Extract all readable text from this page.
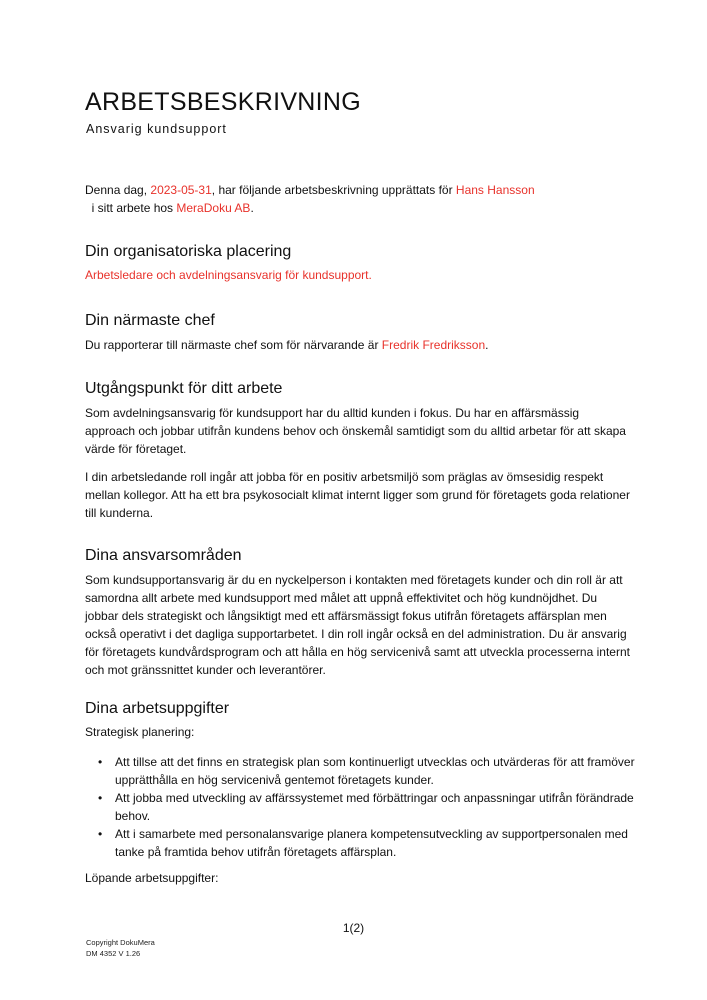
ARBETSBESKRIVNING
Ansvarig kundsupport
Denna dag, 2023-05-31, har följande arbetsbeskrivning upprättats för Hans Hansson  i sitt arbete hos MeraDoku AB.
Din organisatoriska placering
Arbetsledare och avdelningsansvarig för kundsupport.
Din närmaste chef
Du rapporterar till närmaste chef som för närvarande är Fredrik Fredriksson.
Utgångspunkt för ditt arbete
Som avdelningsansvarig för kundsupport har du alltid kunden i fokus. Du har en affärsmässig approach och jobbar utifrån kundens behov och önskemål samtidigt som du alltid arbetar för att skapa värde för företaget.
I din arbetsledande roll ingår att jobba för en positiv arbetsmiljö som präglas av ömsesidig respekt mellan kollegor. Att ha ett bra psykosocialt klimat internt ligger som grund för företagets goda relationer till kunderna.
Dina ansvarsområden
Som kundsupportansvarig är du en nyckelperson i kontakten med företagets kunder och din roll är att samordna allt arbete med kundsupport med målet att uppnå effektivitet och hög kundnöjdhet. Du jobbar dels strategiskt och långsiktigt med ett affärsmässigt fokus utifrån företagets affärsplan men också operativt i det dagliga supportarbetet. I din roll ingår också en del administration. Du är ansvarig för företagets kundvårdsprogram och att hålla en hög servicenivå samt att utveckla processerna internt och mot gränssnittet kunder och leverantörer.
Dina arbetsuppgifter
Strategisk planering:
• Att tillse att det finns en strategisk plan som kontinuerligt utvecklas och utvärderas för att framöver upprätthålla en hög servicenivå gentemot företagets kunder.
• Att jobba med utveckling av affärssystemet med förbättringar och anpassningar utifrån förändrade behov.
• Att i samarbete med personalansvarige planera kompetensutveckling av supportpersonalen med tanke på framtida behov utifrån företagets affärsplan.
Löpande arbetsuppgifter:
1(2)
Copyright DokuMera
DM 4352 V 1.26
